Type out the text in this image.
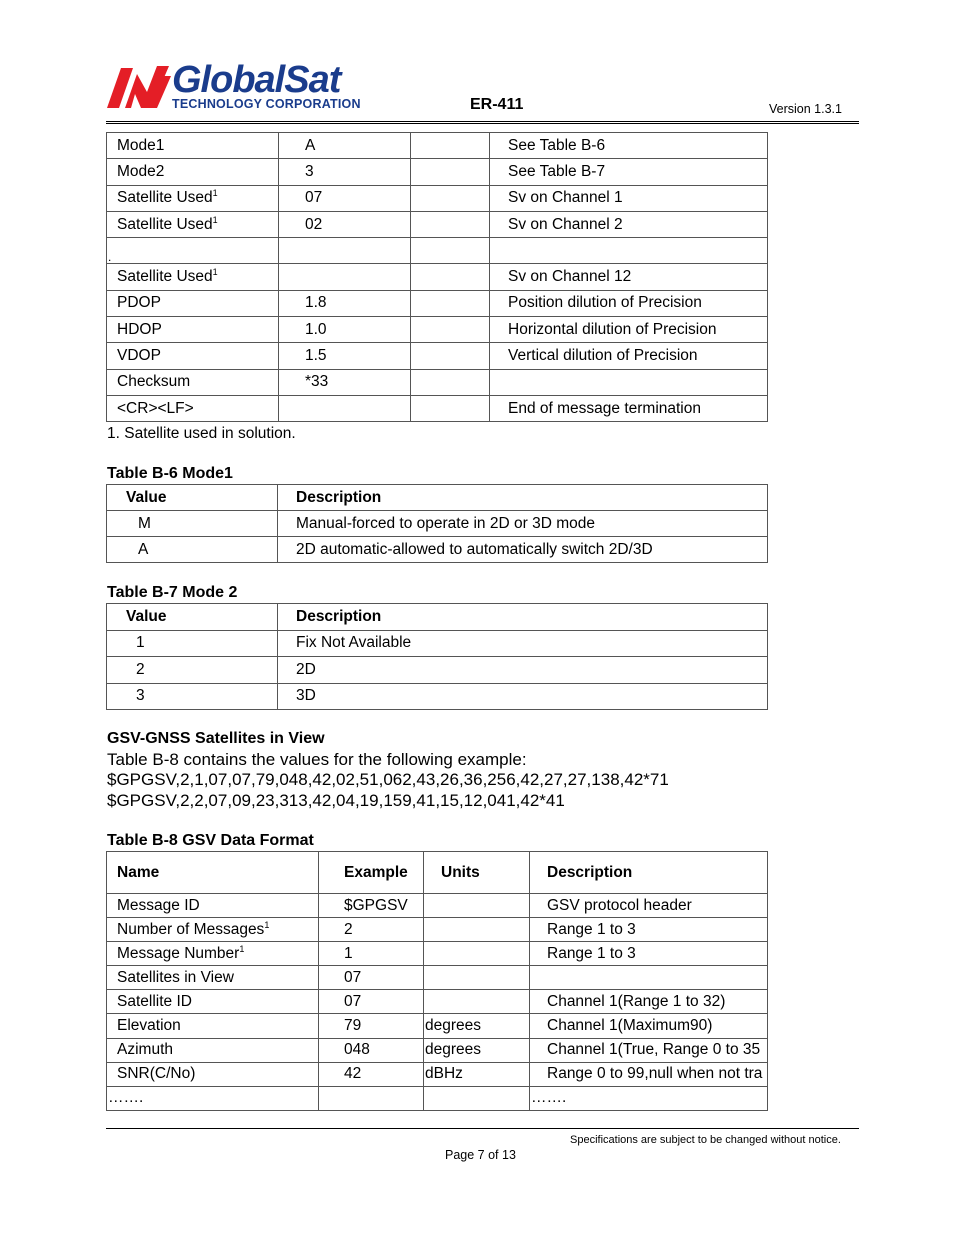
GlobalSat
TECHNOLOGY CORPORATION	ER-411	Version 1.3.1
Mode1	A		See Table B-6
Mode2	3		See Table B-7
Satellite Used$^1$	07		Sv on Channel 1
Satellite Used$^1$	02		Sv on Channel 2
.			
Satellite Used$^1$			Sv on Channel 12
PDOP	1.8		Position dilution of Precision
HDOP	1.0		Horizontal dilution of Precision
VDOP	1.5		Vertical dilution of Precision
Checksum	*33		
<CR><LF>			End of message termination
1. Satellite used in solution.
Table B-6 Mode1
Value	Description
M	Manual-forced to operate in 2D or 3D mode
A	2D automatic-allowed to automatically switch 2D/3D
Table B-7 Mode 2
Value	Description
1	Fix Not Available
2	2D
3	3D
GSV-GNSS Satellites in View
Table B-8 contains the values for the following example:
$GPGSV,2,1,07,07,79,048,42,02,51,062,43,26,36,256,42,27,27,138,42*71
$GPGSV,2,2,07,09,23,313,42,04,19,159,41,15,12,041,42*41
Table B-8 GSV Data Format
Name	Example	Units	Description
Message ID	$GPGSV		GSV protocol header
Number of Messages$^1$	2		Range 1 to 3
Message Number$^1$	1		Range 1 to 3
Satellites in View	07		
Satellite ID	07		Channel 1(Range 1 to 32)
Elevation	79	degrees	Channel 1(Maximum90)
Azimuth	048	degrees	Channel 1(True, Range 0 to 35
SNR(C/No)	42	dBHz	Range 0 to 99,null when not tra
…….			…….
Specifications are subject to be changed without notice.
Page 7 of 13
